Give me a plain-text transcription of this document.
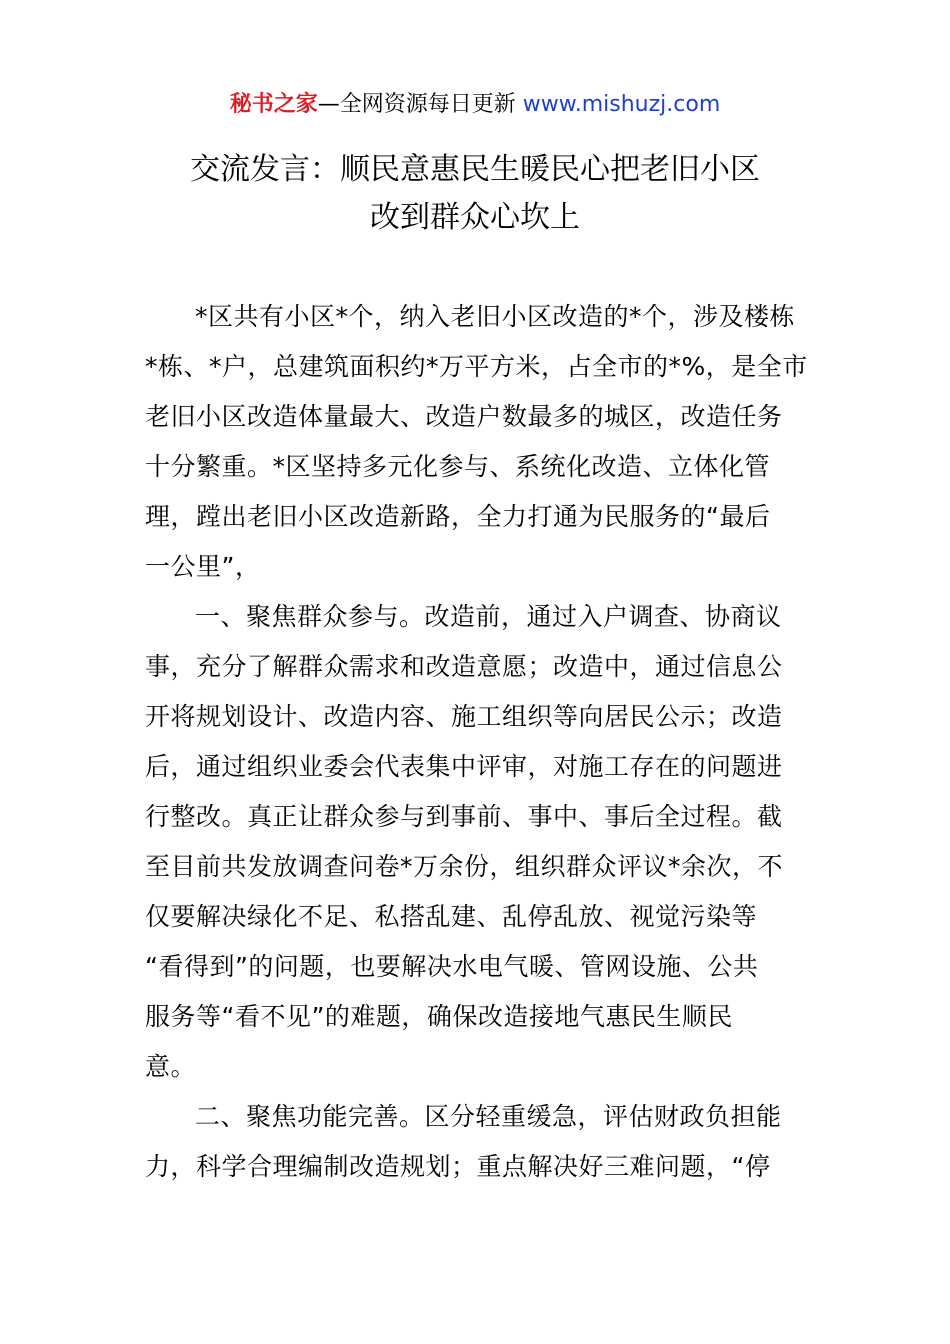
秘书之家—全网资源每日更新 www.mishuzj.com
交流发言：顺民意惠民生暖民心把老旧小区
改到群众心坎上
*区共有小区*个，纳入老旧小区改造的*个，涉及楼栋
*栋、*户，总建筑面积约*万平方米，占全市的*%，是全市
老旧小区改造体量最大、改造户数最多的城区，改造任务
十分繁重。*区坚持多元化参与、系统化改造、立体化管
理，蹚出老旧小区改造新路，全力打通为民服务的“最后
一公里”，
一、聚焦群众参与。改造前，通过入户调查、协商议
事，充分了解群众需求和改造意愿；改造中，通过信息公
开将规划设计、改造内容、施工组织等向居民公示；改造
后，通过组织业委会代表集中评审，对施工存在的问题进
行整改。真正让群众参与到事前、事中、事后全过程。截
至目前共发放调查问卷*万余份，组织群众评议*余次，不
仅要解决绿化不足、私搭乱建、乱停乱放、视觉污染等
“看得到”的问题，也要解决水电气暖、管网设施、公共
服务等“看不见”的难题，确保改造接地气惠民生顺民
意。
二、聚焦功能完善。区分轻重缓急，评估财政负担能
力，科学合理编制改造规划；重点解决好三难问题，“停
